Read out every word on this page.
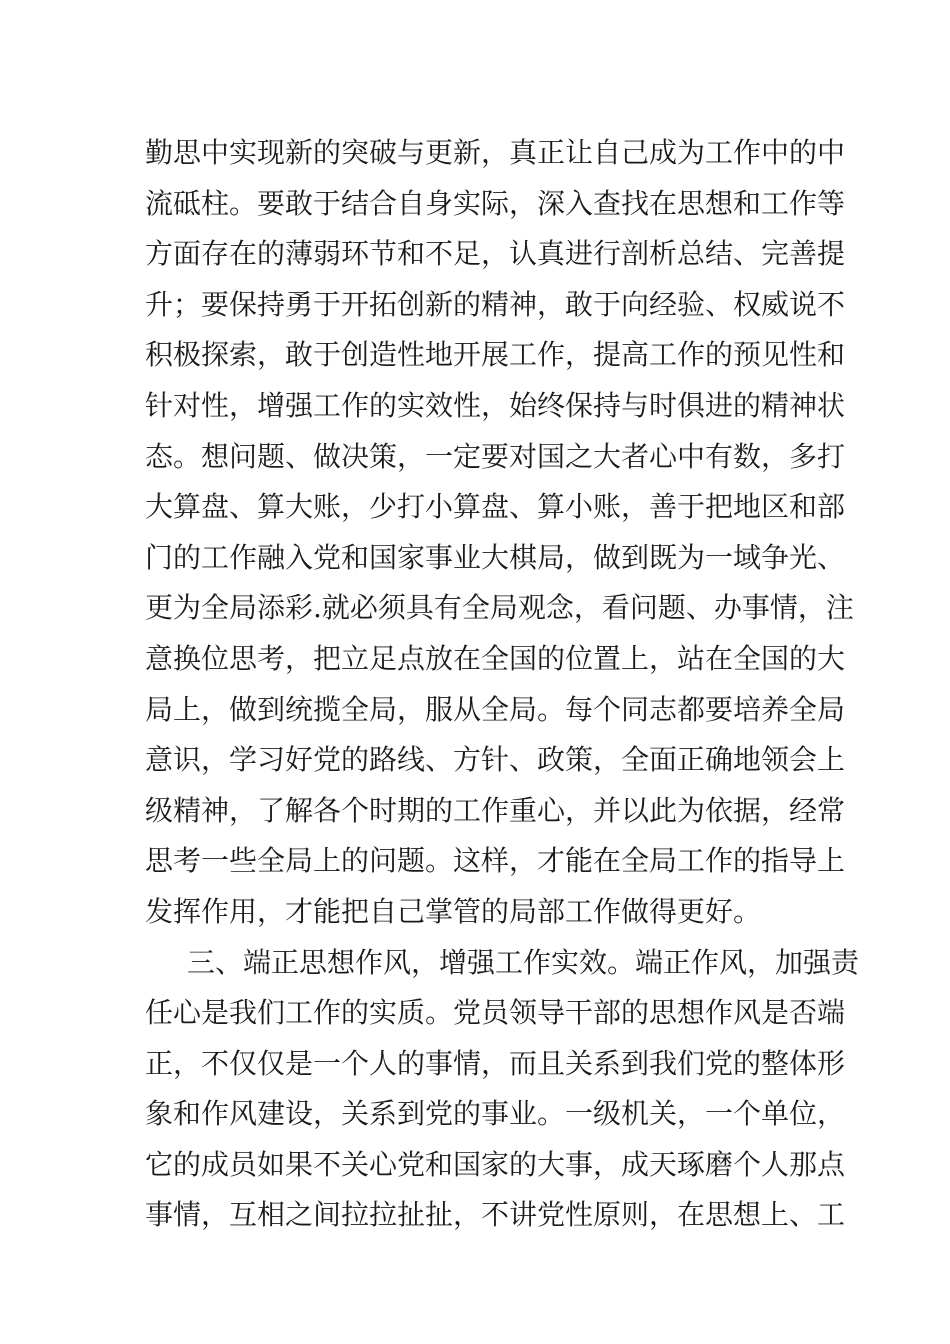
勤思中实现新的突破与更新，真正让自己成为工作中的中
流砥柱。要敢于结合自身实际，深入查找在思想和工作等
方面存在的薄弱环节和不足，认真进行剖析总结、完善提
升；要保持勇于开拓创新的精神，敢于向经验、权威说不
积极探索，敢于创造性地开展工作，提高工作的预见性和
针对性，增强工作的实效性，始终保持与时俱进的精神状
态。想问题、做决策，一定要对国之大者心中有数，多打
大算盘、算大账，少打小算盘、算小账，善于把地区和部
门的工作融入党和国家事业大棋局，做到既为一域争光、
更为全局添彩.就必须具有全局观念，看问题、办事情，注
意换位思考，把立足点放在全国的位置上，站在全国的大
局上，做到统揽全局，服从全局。每个同志都要培养全局
意识，学习好党的路线、方针、政策，全面正确地领会上
级精神，了解各个时期的工作重心，并以此为依据，经常
思考一些全局上的问题。这样，才能在全局工作的指导上
发挥作用，才能把自己掌管的局部工作做得更好。
三、端正思想作风，增强工作实效。端正作风，加强责
任心是我们工作的实质。党员领导干部的思想作风是否端
正，不仅仅是一个人的事情，而且关系到我们党的整体形
象和作风建设，关系到党的事业。一级机关，一个单位，
它的成员如果不关心党和国家的大事，成天琢磨个人那点
事情，互相之间拉拉扯扯，不讲党性原则，在思想上、工
